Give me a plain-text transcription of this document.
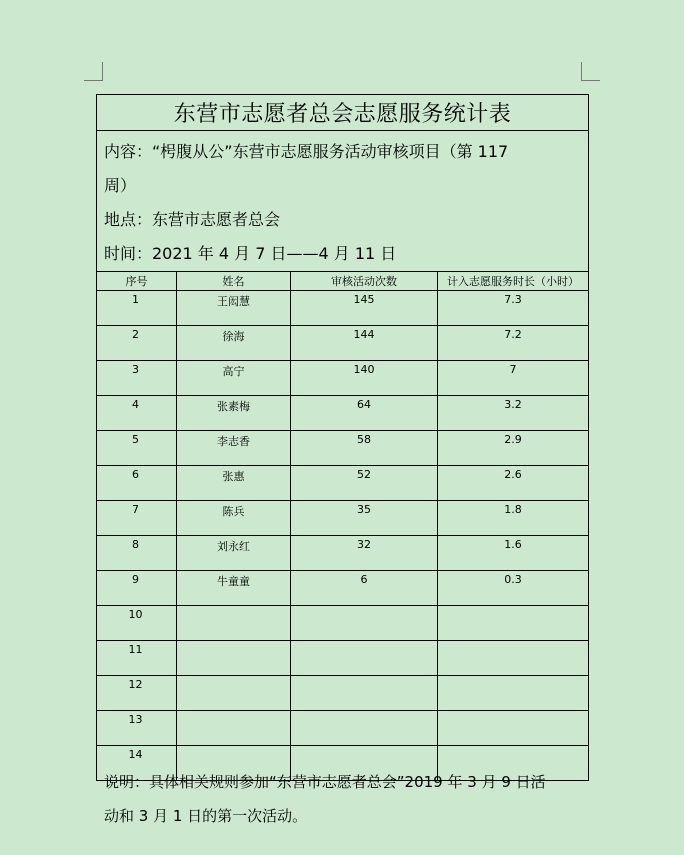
东营市志愿者总会志愿服务统计表			

内容：“枵腹从公”东营市志愿服务活动审核项目（第 117
周）
地点：东营市志愿者总会
时间：2021 年 4 月 7 日——4 月 11 日			

序号	姓名	审核活动次数	计入志愿服务时长（小时）
1	王闳慧	145	7.3
2	徐海	144	7.2
3	高宁	140	7
4	张素梅	64	3.2
5	李志香	58	2.9
6	张惠	52	2.6
7	陈兵	35	1.8
8	刘永红	32	1.6
9	牛童童	6	0.3
10			
11			
12			
13			
14			
说明：具体相关规则参加“东营市志愿者总会”2019 年 3 月 9 日活
动和 3 月 1 日的第一次活动。
